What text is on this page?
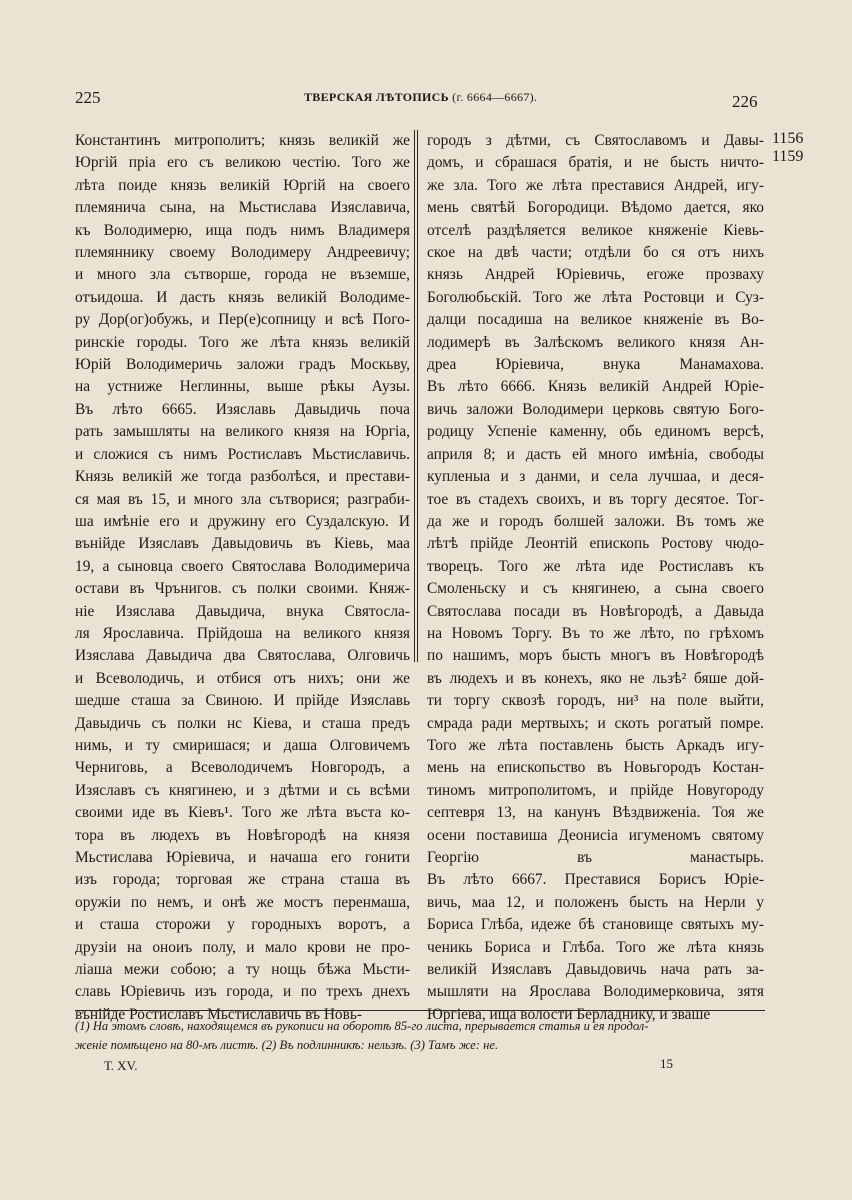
225	ТВЕРСКАЯ ЛѢТОПИСЬ (г. 6664—6667).	226
Константинъ митрополитъ; князь великій же
Юргій пріа его съ великою честію. Того же
лѣта поиде князь великій Юргій на своего
племянича сына, на Мьстислава Изяславича,
къ Володимерю, ища подъ нимъ Владимеря
племяннику своему Володимеру Андреевичу;
и много зла сътворше, города не въземше,
отъидоша. И дасть князь великій Володиме-
ру Дор(ог)обужь, и Пер(е)сопницу и всѣ Пого-
ринскіе городы. Того же лѣта князь великій
Юрій Володимеричь заложи градъ Москьву,
на устниже Неглинны, выше рѣкы Аузы.
Въ лѣто 6665. Изяславь Давыдичь поча
рать замышляты на великого князя на Юргіа,
и сложися съ нимъ Ростиславъ Мьстиславичь.
Князь великій же тогда разболѣся, и престави-
ся мая въ 15, и много зла сътворися; разграби-
ша имѣніе его и дружину его Суздалскую. И
вънійде Изяславъ Давыдовичь въ Кіевь, маа
19, а сыновца своего Святослава Володимерича
остави въ Чрънигов. съ полки своими. Княж-
ніе Изяслава Давыдича, внука Святосла-
ля Ярославича. Прійдоша на великого князя
Изяслава Давыдича два Святослава, Олговичь
и Всеволодичь, и отбися отъ нихъ; они же
шедше сташа за Свиною. И прійде Изяславь
Давыдичь съ полки нс Кіева, и сташа предъ
нимь, и ту смиришася; и даша Олговичемъ
Черниговь, а Всеволодичемъ Новгородъ, а
Изяславъ съ княгинею, и з дѣтми и сь всѣми
своими иде въ Кіевъ¹. Того же лѣта въста ко-
тора въ людехъ въ Новѣгородѣ на князя
Мьстислава Юріевича, и начаша его гонити
изъ города; торговая же страна сташа въ
оружіи по немъ, и онѣ же мостъ перенмаша,
и сташа сторожи у городныхъ воротъ, а
друзіи на оноиъ полу, и мало крови не про-
ліаша межи собою; а ту нощь бѣжа Мьсти-
славь Юріевичь изъ города, и по трехъ днехъ
вънійде Ростиславъ Мьстиславичь въ Новь-
городъ з дѣтми, съ Святославомъ и Давы-
домъ, и сбрашася братія, и не бысть ничто-
же зла. Того же лѣта преставися Андрей, игу-
мень святѣй Богородици. Вѣдомо дается, яко
отселѣ раздѣляется великое княженіе Кіевь-
ское на двѣ части; отдѣли бо ся отъ нихъ
князь Андрей Юріевичь, егоже прозваху
Боголюбьскій. Того же лѣта Ростовци и Суз-
далци посадиша на великое княженіе въ Во-
лодимерѣ въ Залѣскомъ великого князя Ан-
дреа Юріевича, внука Манамахова.
Въ лѣто 6666. Князь великій Андрей Юріе-
вичь заложи Володимери церковь святую Бого-
родицу Успеніе каменну, обь единомъ версѣ,
априля 8; и дасть ей много имѣніа, свободы
купленыа и з данми, и села лучшаа, и деся-
тое въ стадехъ своихъ, и въ торгу десятое. Тог-
да же и городъ болшей заложи. Въ томъ же
лѣтѣ прійде Леонтій епископь Ростову чюдо-
творецъ. Того же лѣта иде Ростиславъ къ
Смоленьску и съ княгинею, а сына своего
Святослава посади въ Новѣгородѣ, а Давыда
на Новомъ Торгу. Въ то же лѣто, по грѣхомъ
по нашимъ, моръ бысть многъ въ Новѣгородѣ
въ людехъ и въ конехъ, яко не льзѣ² бяше дой-
ти торгу сквозѣ городъ, ни³ на поле выйти,
смрада ради мертвыхъ; и скоть рогатый помре.
Того же лѣта поставлень бысть Аркадъ игу-
мень на епископьство въ Новьгородъ Костан-
тиномъ митрополитомъ, и прійде Новугороду
септевря 13, на канунъ Вѣздвиженіа. Тоя же
осени поставиша Деонисіа игуменомъ святому
Георгію въ манастырь.
Въ лѣто 6667. Преставися Борисъ Юріе-
вичь, маа 12, и положенъ бысть на Нерли у
Бориса Глѣба, идеже бѣ становище святыхъ му-
ченикь Бориса и Глѣба. Того же лѣта князь
великій Изяславъ Давыдовичь нача рать за-
мышляти на Ярослава Володимерковича, зятя
Юргіева, ища волости Берладнику, и зваше
1156
1159
(1) На этомъ словѣ, находящемся въ рукописи на оборотѣ 85-го листа, прерывается статья и ея продол-
женіе помѣщено на 80-мъ листѣ. (2) Въ подлинникѣ: нельзѣ. (3) Тамъ же: не.
Т. XV.	15
